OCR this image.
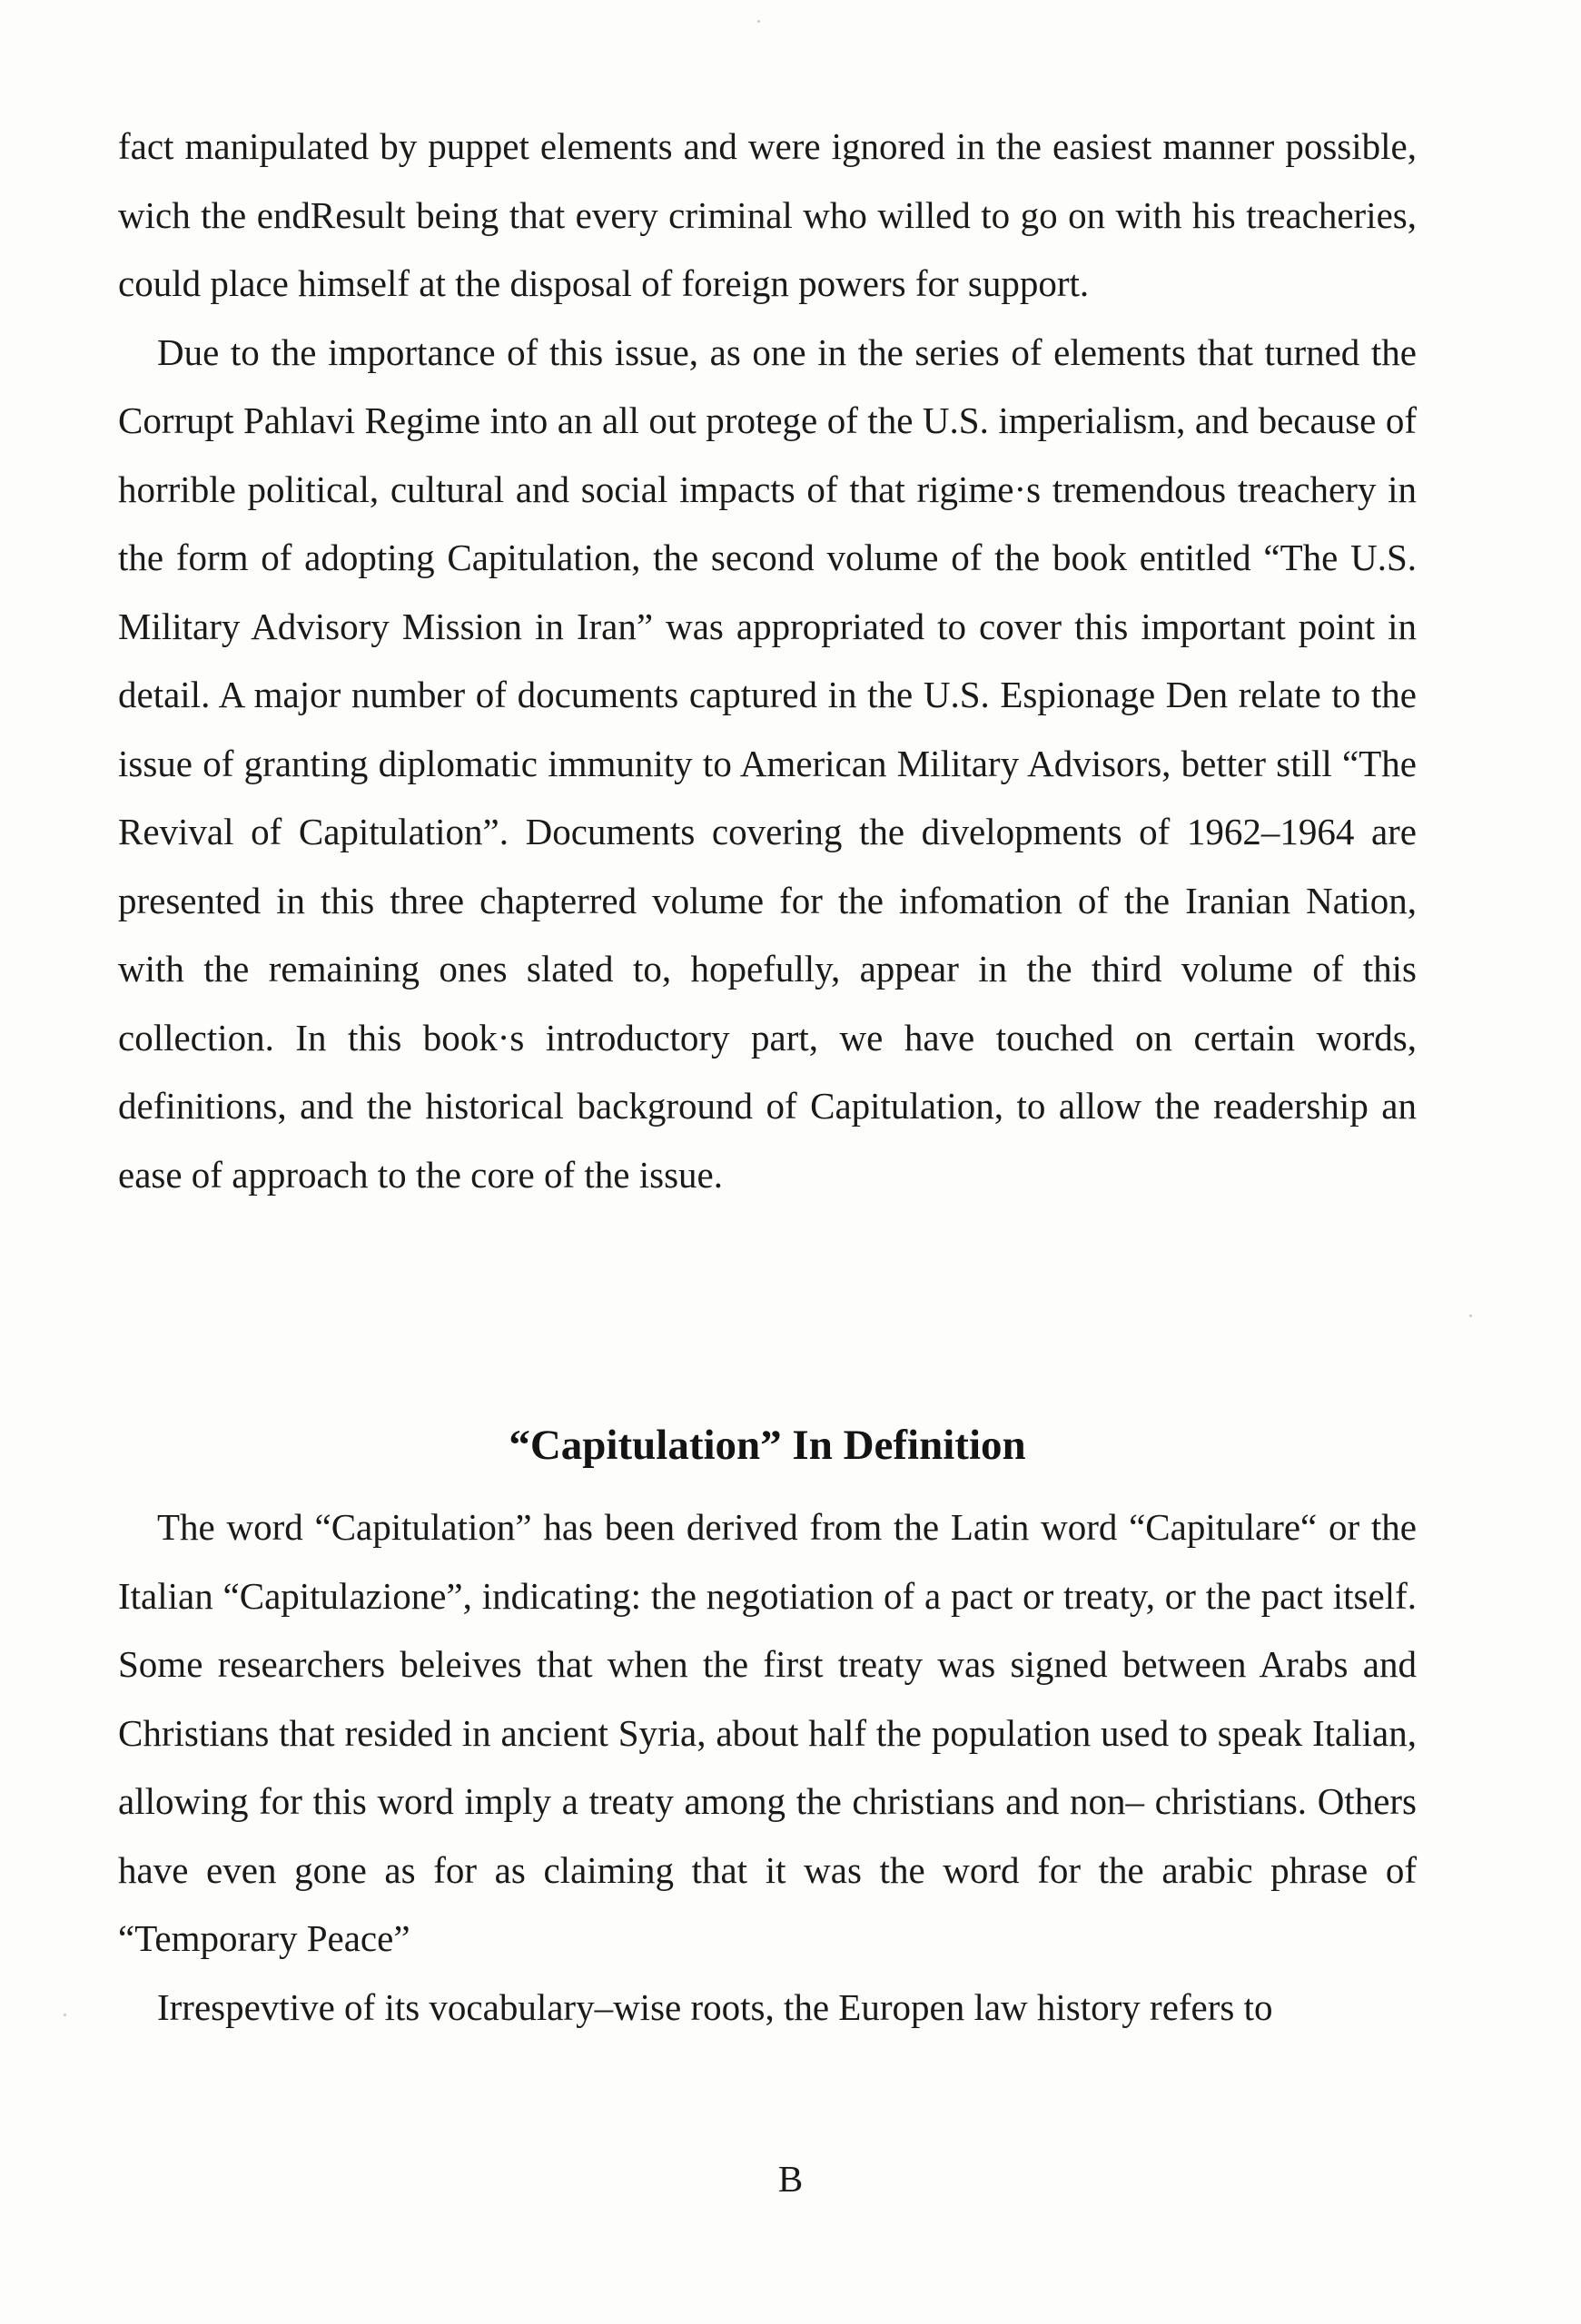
fact manipulated by puppet elements and were ignored in the easiest manner possible, wich the endResult being that every criminal who willed to go on with his treacheries, could place himself at the disposal of foreign powers for support.

Due to the importance of this issue, as one in the series of elements that turned the Corrupt Pahlavi Regime into an all out protege of the U.S. imperialism, and because of horrible political, cultural and social impacts of that rigime·s tremendous treachery in the form of adopting Capitulation, the second volume of the book entitled “The U.S. Military Advisory Mission in Iran” was appropriated to cover this important point in detail. A major number of documents captured in the U.S. Espionage Den relate to the issue of granting diplomatic immunity to American Military Advisors, better still “The Revival of Capitulation”. Documents covering the divelopments of 1962–1964 are presented in this three chapterred volume for the infomation of the Iranian Nation, with the remaining ones slated to, hopefully, appear in the third volume of this collection. In this book·s introductory part, we have touched on certain words, definitions, and the historical background of Capitulation, to allow the readership an ease of approach to the core of the issue.

“Capitulation” In Definition

The word “Capitulation” has been derived from the Latin word “Capitulare“ or the Italian “Capitulazione”, indicating: the negotiation of a pact or treaty, or the pact itself. Some researchers beleives that when the first treaty was signed between Arabs and Christians that resided in ancient Syria, about half the population used to speak Italian, allowing for this word imply a treaty among the christians and non– christians. Others have even gone as for as claiming that it was the word for the arabic phrase of “Temporary Peace”

Irrespevtive of its vocabulary–wise roots, the Europen law history refers to

B
